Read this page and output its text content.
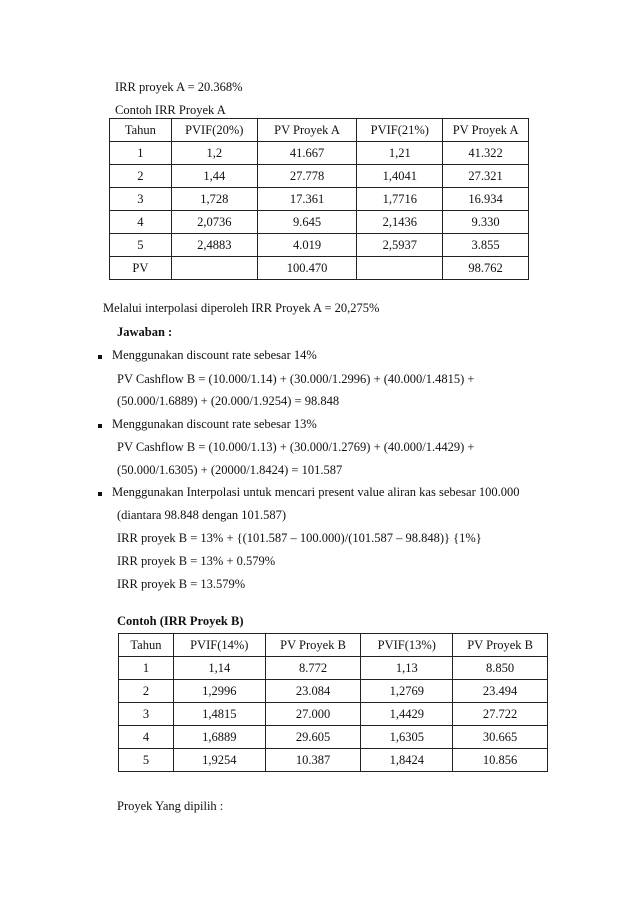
IRR proyek A = 20.368%
Contoh IRR Proyek A
Tahun	PVIF(20%)	PV Proyek A	PVIF(21%)	PV Proyek A
1	1,2	41.667	1,21	41.322
2	1,44	27.778	1,4041	27.321
3	1,728	17.361	1,7716	16.934
4	2,0736	9.645	2,1436	9.330
5	2,4883	4.019	2,5937	3.855
PV		100.470		98.762
Melalui interpolasi diperoleh IRR Proyek A = 20,275%
Jawaban :
Menggunakan discount rate sebesar 14%
PV Cashflow B = (10.000/1.14) + (30.000/1.2996) + (40.000/1.4815) +
(50.000/1.6889) + (20.000/1.9254) = 98.848
Menggunakan discount rate sebesar 13%
PV Cashflow B = (10.000/1.13) + (30.000/1.2769) + (40.000/1.4429) +
(50.000/1.6305) + (20000/1.8424) = 101.587
Menggunakan Interpolasi untuk mencari present value aliran kas sebesar 100.000
(diantara 98.848 dengan 101.587)
IRR proyek B = 13% + {(101.587 – 100.000)/(101.587 – 98.848)} {1%}
IRR proyek B = 13% + 0.579%
IRR proyek B = 13.579%
Contoh (IRR Proyek B)
Tahun	PVIF(14%)	PV Proyek B	PVIF(13%)	PV Proyek B
1	1,14	8.772	1,13	8.850
2	1,2996	23.084	1,2769	23.494
3	1,4815	27.000	1,4429	27.722
4	1,6889	29.605	1,6305	30.665
5	1,9254	10.387	1,8424	10.856
Proyek Yang dipilih :
